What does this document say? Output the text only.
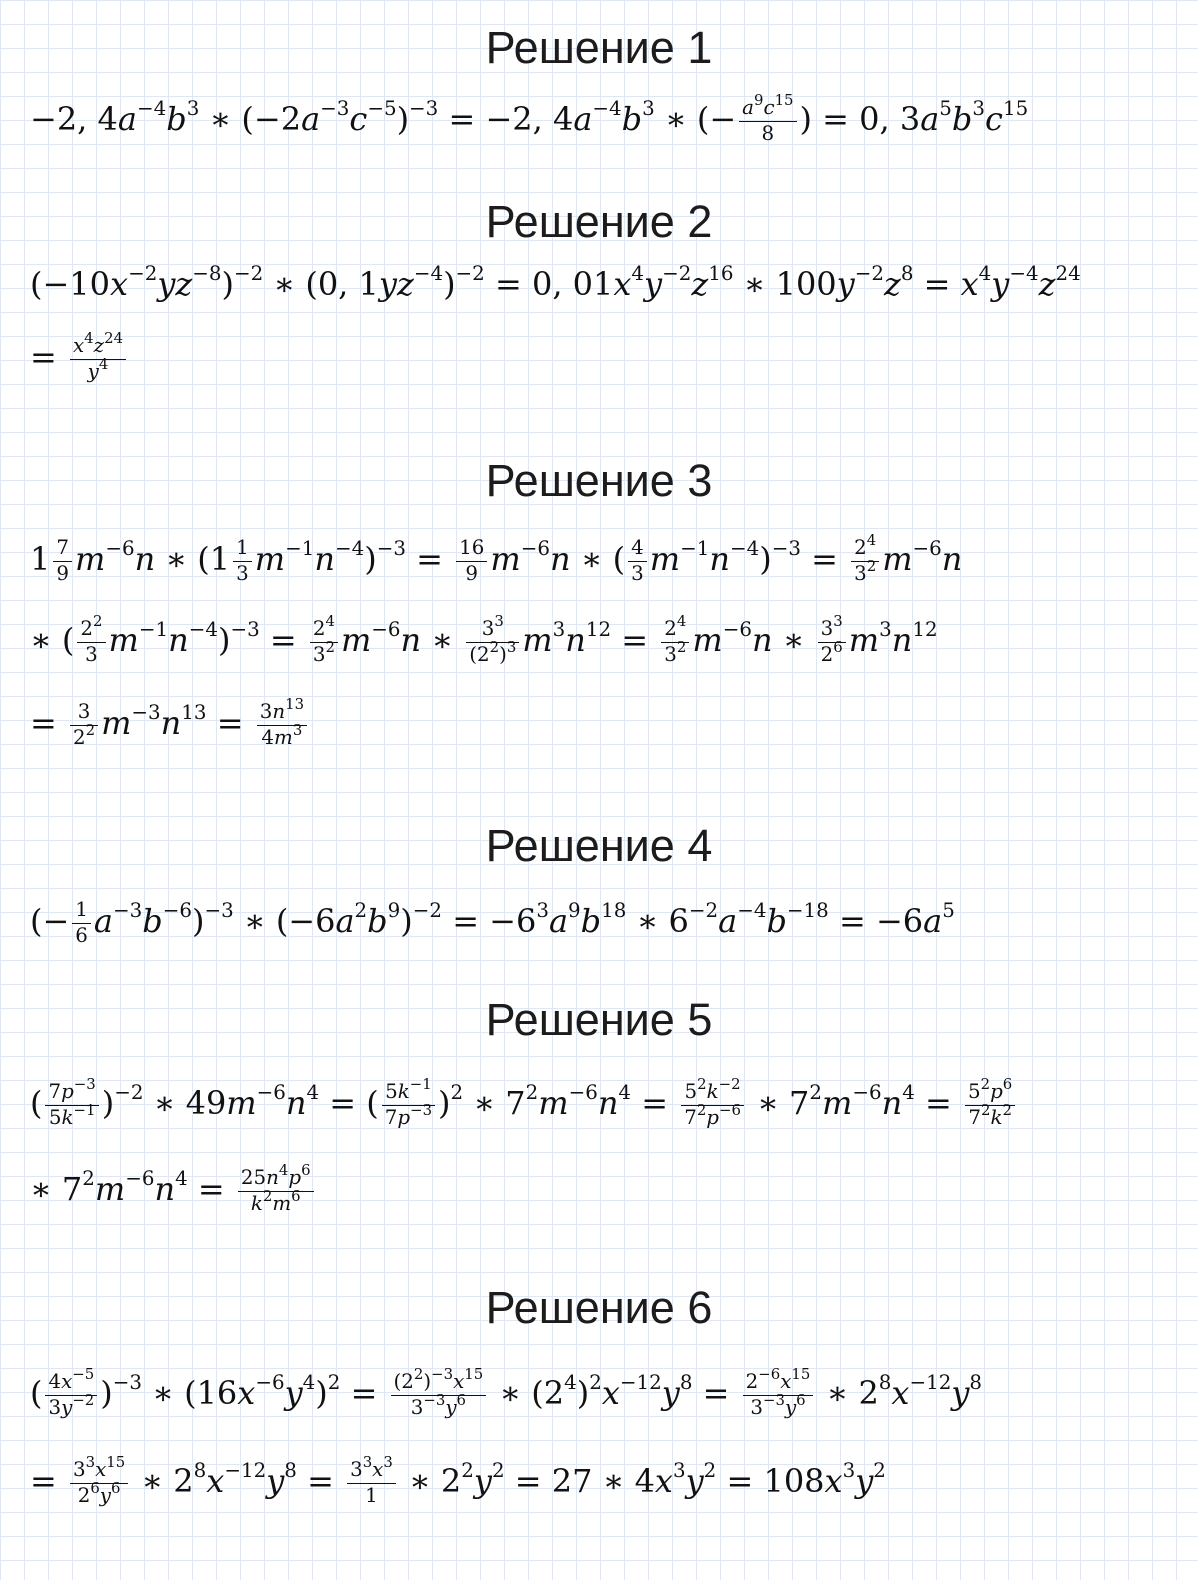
Решение 1
−2, $4a^{-4}b^3$ ∗ $(-2a^{-3}c^{-5})^{-3} = -2$, $4a^{-4}b^3$ ∗ (− $\frac{a^9c^{15}}{8}$ ) = 0, $3a^5b^3c^{15}$
Решение 2
$(-10x^{-2}yz^{-8})^{-2}$ ∗ (0, $1yz^{-4})^{-2} = 0$, $01x^4y^{-2}z^{16}$ ∗ $100y^{-2}z^8 = x^4y^{-4}z^{24}$
= $\frac{x^4z^{24}}{y^4}$
Решение 3
$1 \frac{7}{9} m^{-6}n$ ∗ $(1 \frac{1}{3} m^{-1}n^{-4})^{-3} = \frac{16}{9} m^{-6}n$ ∗ ( $\frac{4}{3} m^{-1}n^{-4})^{-3} = \frac{2^4}{3^2} m^{-6}n$
∗ ( $\frac{2^2}{3} m^{-1}n^{-4})^{-3} = \frac{2^4}{3^2} m^{-6}n$ ∗ $\frac{3^3}{(2^2)^3} m^3n^{12} = \frac{2^4}{3^2} m^{-6}n$ ∗ $\frac{3^3}{2^6} m^3n^{12}$
= $\frac{3}{2^2} m^{-3}n^{13} = \frac{3n^{13}}{4m^3}$
Решение 4
(− $\frac{1}{6} a^{-3}b^{-6})^{-3}$ ∗ $(-6a^2b^9)^{-2} = -6^3a^9b^{18}$ ∗ $6^{-2}a^{-4}b^{-18} = -6a^5$
Решение 5
( $\frac{7p^{-3}}{5k^{-1}} )^{-2}$ ∗ $49m^{-6}n^4$ = ( $\frac{5k^{-1}}{7p^{-3}} )^2$ ∗ $7^2m^{-6}n^4 = \frac{5^2k^{-2}}{7^2p^{-6}}$ ∗ $7^2m^{-6}n^4 = \frac{5^2p^6}{7^2k^2}$
∗ $7^2m^{-6}n^4 = \frac{25n^4p^6}{k^2m^6}$
Решение 6
( $\frac{4x^{-5}}{3y^{-2}} )^{-3}$ ∗ $(16x^{-6}y^4)^2 = \frac{(2^2)^{-3}x^{15}}{3^{-3}y^6}$ ∗ $(2^4)^2x^{-12}y^8 = \frac{2^{-6}x^{15}}{3^{-3}y^6}$ ∗ $2^8x^{-12}y^8$
= $\frac{3^3x^{15}}{2^6y^6}$ ∗ $2^8x^{-12}y^8 = \frac{3^3x^3}{1}$ ∗ $2^2y^2 = 27$ ∗ $4x^3y^2 = 108x^3y^2$
